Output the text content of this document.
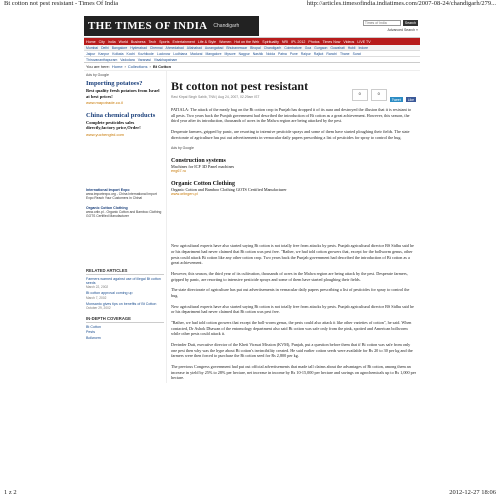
Bt cotton not pest resistant - Times Of India	http://articles.timesofindia.indiatimes.com/2007-08-24/chandigarh/279...
THE TIMES OF INDIA Chandigarh
Times of India	Search
Advanced Search »
Home City India World Business Tech Sports Entertainment Life & Style Women Hot on the Web Spirituality NRI IPL 2012 Photos Times Now Videos LIVE TV
Mumbai Delhi Bangalore Hyderabad Chennai Ahmedabad Allahabad Aurangabad Bhubaneswar Bhopal Chandigarh Coimbatore Goa Gurgaon Guwahati Hubli Indore
Jaipur Kanpur Kolkata Kochi Kozhikode Lucknow Ludhiana Madurai Mangalore Mysore Nagpur Nashik Noida Patna Pune Raipur Rajkot Ranchi Thane Surat
Thiruvananthapuram Vadodara Varanasi Visakhapatnam
You are here: Home › Collections › Bt Cotton
Ads by Google
Importing potatoes?
Best quality fresh potatoes from Israel at best prices!
www.mapotrade.co.il
China chemical products
Complete pesticides sales directly,factory price,Order!
www.yuchengtrd.com
International Import Expo
www.importexpo.org - China International Import Expo Reach Your Customers in China!
Organic Cotton Clothing
www.orlin.pl - Organic Cotton and Bamboo Clothing GOTS Certified Manufacturer
RELATED ARTICLES
Farmers warned against use of illegal Bt cotton seeds
March 22, 2002
Bt cotton approval coming up
March 7, 2002
Monsanto gives tips on benefits of Bt Cotton
October 29, 2002
IN-DEPTH COVERAGE
Bt Cotton
Pests
Bollworm
Bt cotton not pest resistant
Ravi Kirpal Singh Sahib, TNN | Aug 24, 2007, 02.29am IST
0	0
Tweet	Like

PATIALA: The attack of the mealy bug on the Bt cotton crop in Punjab has dropped it of its aura and destroyed the illusion that it is resistant to all pests. Two years back the Punjab government had described the introduction of Bt cotton as a great achievement. However, this season, the third year after its introduction, thousands of acres in the Malwa region are being attacked by the pest.

Desperate farmers, gripped by panic, are resorting to intensive pesticide sprays and some of them have started ploughing their fields. The state directorate of agriculture has put out advertisements in vernacular daily papers prescribing a list of pesticides for spray to control the bug.

Ads by Google
Construction systems
Machines for ICF 3D Panel machines
eng67.ru
Organic Cotton Clothing
Organic Cotton and Bamboo Clothing GOTS Certified Manufacturer
www.orlingen.pl

New agricultural experts have also started saying Bt cotton is not totally free from attacks by pests. Punjab agricultural director BS Sidhu said he or his department had never claimed that Bt cotton was pest free. "Rather, we had told cotton growers that, except for the bollworm genus, other pests could attack Bt cotton like any other cotton crop. Two years back the Punjab government had described the introduction of Bt cotton as a great achievement.

However, this season, the third year of its cultivation, thousands of acres in the Malwa region are being attack by the pest. Desperate farmers, gripped by panic, are resorting to intensive pesticide sprays and some of them have started ploughing their fields.

The state directorate of agriculture has put out advertisements in vernacular daily papers prescribing a list of pesticides for spray to control the bug.

New agricultural experts have also started saying Bt cotton is not totally free from attacks by pests. Punjab agricultural director BS Sidhu said he or his department had never claimed that Bt cotton was pest free.

"Rather, we had told cotton growers that except the boll-worm genus, the pests could also attack it like other varieties of cotton", he said. When contacted, Dr Ashok Dhawan of the entomology department also said Bt cotton was safe only from the pink, spotted and American bollworm while other pests could attack it.

Devinder Dutt, executive director of the Kheti Virasat Mission (KVM), Punjab, put a question before them that if Bt cotton was safe from only one pest then why was the hype about Bt cotton's invincibility created. He said earlier cotton seeds were available for Rs 20 to 30 per kg and the farmers were then forced to purchase the Bt cotton seed for Rs 2,800 per kg.

The previous Congress government had put out official advertisements that made tall claims about the advantages of Bt cotton, among them an increase in yield by 25% to 28% per hectare, net increase in income by Rs 10-15,000 per hectare and savings on agrochemicals up to Rs 1,000 per hectare.

1 z 2	2012-12-27 18:06
